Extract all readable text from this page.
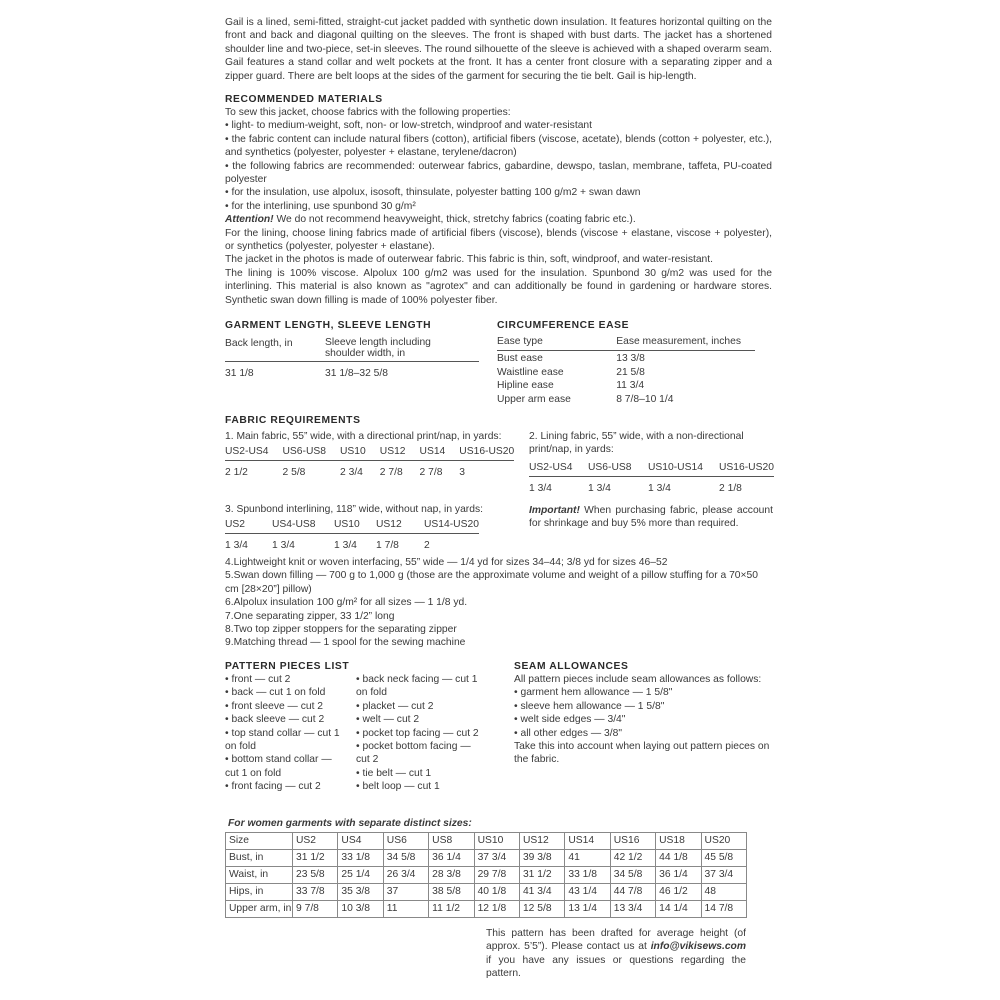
Gail is a lined, semi-fitted, straight-cut jacket padded with synthetic down insulation. It features horizontal quilting on the front and back and diagonal quilting on the sleeves. The front is shaped with bust darts. The jacket has a shortened shoulder line and two-piece, set-in sleeves. The round silhouette of the sleeve is achieved with a shaped overarm seam. Gail features a stand collar and welt pockets at the front. It has a center front closure with a separating zipper and a zipper guard. There are belt loops at the sides of the garment for securing the tie belt. Gail is hip-length.

RECOMMENDED MATERIALS

To sew this jacket, choose fabrics with the following properties:

• light- to medium-weight, soft, non- or low-stretch, windproof and water-resistant

• the fabric content can include natural fibers (cotton), artificial fibers (viscose, acetate), blends (cotton + polyester, etc.), and synthetics (polyester, polyester + elastane, terylene/dacron)

• the following fabrics are recommended: outerwear fabrics, gabardine, dewspo, taslan, membrane, taffeta, PU-coated polyester

• for the insulation, use alpolux, isosoft, thinsulate, polyester batting 100 g/m2 + swan dawn

• for the interlining, use spunbond 30 g/m²

Attention! We do not recommend heavyweight, thick, stretchy fabrics (coating fabric etc.).

For the lining, choose lining fabrics made of artificial fibers (viscose), blends (viscose + elastane, viscose + polyester), or synthetics (polyester, polyester + elastane).

The jacket in the photos is made of outerwear fabric. This fabric is thin, soft, windproof, and water-resistant.

The lining is 100% viscose. Alpolux 100 g/m2 was used for the insulation. Spunbond 30 g/m2 was used for the interlining. This material is also known as "agrotex" and can additionally be found in gardening or hardware stores. Synthetic swan down filling is made of 100% polyester fiber.

GARMENT LENGTH, SLEEVE LENGTH
Back length, in	Sleeve length including
shoulder width, in

31 1/8	31 1/8–32 5/8
CIRCUMFERENCE EASE
Ease type	Ease measurement, inches
Bust ease	13 3/8
Waistline ease	21 5/8
Hipline ease	11 3/4
Upper arm ease	8 7/8–10 1/4
FABRIC REQUIREMENTS
1. Main fabric, 55” wide, with a directional print/nap, in yards:
US2-US4	US6-US8	US10	US12	US14	US16-US20
2 1/2	2 5/8	2 3/4	2 7/8	2 7/8	3
2. Lining fabric, 55” wide, with a non-directional
print/nap, in yards:
US2-US4	US6-US8	US10-US14	US16-US20
1 3/4	1 3/4	1 3/4	2 1/8
3. Spunbond interlining, 118” wide, without nap, in yards:
US2	US4-US8	US10	US12	US14-US20
1 3/4	1 3/4	1 3/4	1 7/8	2

Important! When purchasing fabric, please account for shrinkage and buy 5% more than required.

4.Lightweight knit or woven interfacing, 55” wide — 1/4 yd for sizes 34–44; 3/8 yd for sizes 46–52

5.Swan down filling — 700 g to 1,000 g (those are the approximate volume and weight of a pillow stuffing for a 70×50 cm [28×20”] pillow)

6.Alpolux insulation 100 g/m² for all sizes — 1 1/8 yd.

7.One separating zipper, 33 1/2” long

8.Two top zipper stoppers for the separating zipper

9.Matching thread — 1 spool for the sewing machine

PATTERN PIECES LIST

• front — cut 2

• back — cut 1 on fold

• front sleeve — cut 2

• back sleeve — cut 2

• top stand collar — cut 1 on fold

• bottom stand collar — cut 1 on fold

• front facing — cut 2

• back neck facing — cut 1 on fold

• placket — cut 2

• welt — cut 2

• pocket top facing — cut 2

• pocket bottom facing — cut 2

• tie belt — cut 1

• belt loop — cut 1

SEAM ALLOWANCES

All pattern pieces include seam allowances as follows:

• garment hem allowance — 1 5/8"

• sleeve hem allowance — 1 5/8"

• welt side edges — 3/4"

• all other edges — 3/8"

Take this into account when laying out pattern pieces on the fabric.

For women garments with separate distinct sizes:
Size	US2	US4	US6	US8	US10	US12	US14	US16	US18	US20
Bust, in	31 1/2	33 1/8	34 5/8	36 1/4	37 3/4	39 3/8	41	42 1/2	44 1/8	45 5/8
Waist, in	23 5/8	25 1/4	26 3/4	28 3/8	29 7/8	31 1/2	33 1/8	34 5/8	36 1/4	37 3/4
Hips, in	33 7/8	35 3/8	37	38 5/8	40 1/8	41 3/4	43 1/4	44 7/8	46 1/2	48
Upper arm, in	9 7/8	10 3/8	11	11 1/2	12 1/8	12 5/8	13 1/4	13 3/4	14 1/4	14 7/8

This pattern has been drafted for average height (of approx. 5’5”). Please contact us at info@vikisews.com if you have any issues or questions regarding the pattern.
